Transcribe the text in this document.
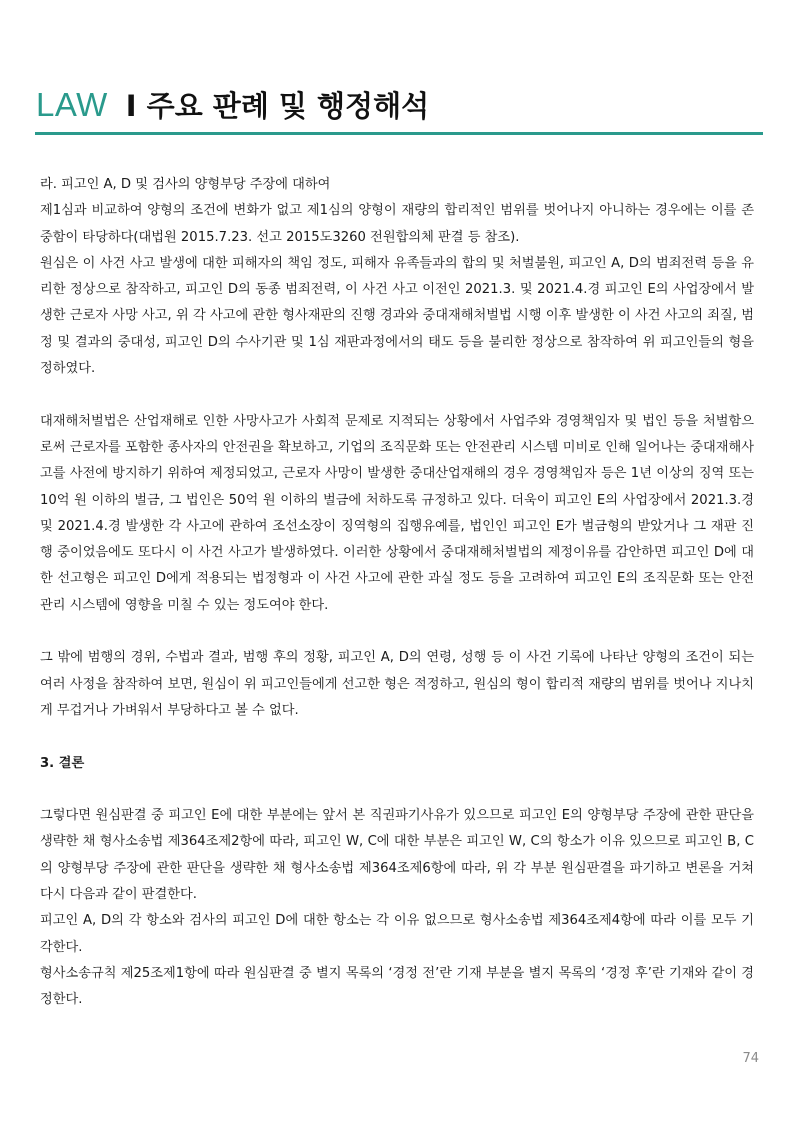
LAW I 주요 판례 및 행정해석

라. 피고인 A, D 및 검사의 양형부당 주장에 대하여

제1심과 비교하여 양형의 조건에 변화가 없고 제1심의 양형이 재량의 합리적인 범위를 벗어나지 아니하는 경우에는 이를 존중함이 타당하다(대법원 2015.7.23. 선고 2015도3260 전원합의체 판결 등 참조).

원심은 이 사건 사고 발생에 대한 피해자의 책임 정도, 피해자 유족들과의 합의 및 처벌불원, 피고인 A, D의 범죄전력 등을 유리한 정상으로 참작하고, 피고인 D의 동종 범죄전력, 이 사건 사고 이전인 2021.3. 및 2021.4.경 피고인 E의 사업장에서 발생한 근로자 사망 사고, 위 각 사고에 관한 형사재판의 진행 경과와 중대재해처벌법 시행 이후 발생한 이 사건 사고의 죄질, 범정 및 결과의 중대성, 피고인 D의 수사기관 및 1심 재판과정에서의 태도 등을 불리한 정상으로 참작하여 위 피고인들의 형을 정하였다.

대재해처벌법은 산업재해로 인한 사망사고가 사회적 문제로 지적되는 상황에서 사업주와 경영책임자 및 법인 등을 처벌함으로써 근로자를 포함한 종사자의 안전권을 확보하고, 기업의 조직문화 또는 안전관리 시스템 미비로 인해 일어나는 중대재해사고를 사전에 방지하기 위하여 제정되었고, 근로자 사망이 발생한 중대산업재해의 경우 경영책임자 등은 1년 이상의 징역 또는 10억 원 이하의 벌금, 그 법인은 50억 원 이하의 벌금에 처하도록 규정하고 있다. 더욱이 피고인 E의 사업장에서 2021.3.경 및 2021.4.경 발생한 각 사고에 관하여 조선소장이 징역형의 집행유예를, 법인인 피고인 E가 벌금형의 받았거나 그 재판 진행 중이었음에도 또다시 이 사건 사고가 발생하였다. 이러한 상황에서 중대재해처벌법의 제정이유를 감안하면 피고인 D에 대한 선고형은 피고인 D에게 적용되는 법정형과 이 사건 사고에 관한 과실 정도 등을 고려하여 피고인 E의 조직문화 또는 안전관리 시스템에 영향을 미칠 수 있는 정도여야 한다.

그 밖에 범행의 경위, 수법과 결과, 범행 후의 정황, 피고인 A, D의 연령, 성행 등 이 사건 기록에 나타난 양형의 조건이 되는 여러 사정을 참작하여 보면, 원심이 위 피고인들에게 선고한 형은 적정하고, 원심의 형이 합리적 재량의 범위를 벗어나 지나치게 무겁거나 가벼워서 부당하다고 볼 수 없다.

3. 결론

그렇다면 원심판결 중 피고인 E에 대한 부분에는 앞서 본 직권파기사유가 있으므로 피고인 E의 양형부당 주장에 관한 판단을 생략한 채 형사소송법 제364조제2항에 따라, 피고인 W, C에 대한 부분은 피고인 W, C의 항소가 이유 있으므로 피고인 B, C의 양형부당 주장에 관한 판단을 생략한 채 형사소송법 제364조제6항에 따라, 위 각 부분 원심판결을 파기하고 변론을 거쳐 다시 다음과 같이 판결한다.

피고인 A, D의 각 항소와 검사의 피고인 D에 대한 항소는 각 이유 없으므로 형사소송법 제364조제4항에 따라 이를 모두 기각한다.

형사소송규칙 제25조제1항에 따라 원심판결 중 별지 목록의 ‘경정 전’란 기재 부분을 별지 목록의 ‘경정 후’란 기재와 같이 경정한다.

74
